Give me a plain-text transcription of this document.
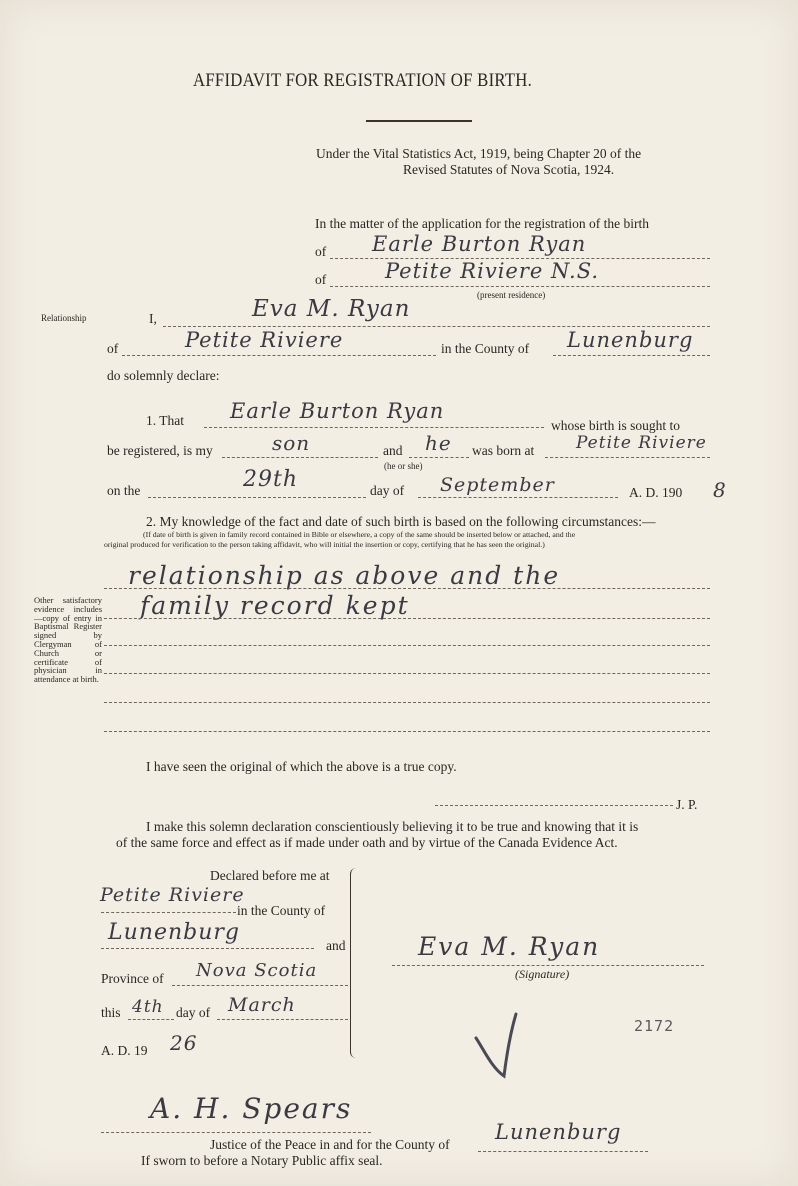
AFFIDAVIT FOR REGISTRATION OF BIRTH.
Under the Vital Statistics Act, 1919, being Chapter 20 of the
Revised Statutes of Nova Scotia, 1924.
In the matter of the application for the registration of the birth
of Earle Burton Ryan
of	Petite Riviere N.S.
(present residence)
Relationship	I,	Eva M. Ryan
of	Petite Riviere	in the County of Lunenburg
do solemnly declare:
1. That Earle Burton Ryan
whose birth is sought to
be registered, is my	son	and he
(he or she)
was born at Petite Riviere
on the	29th	day of September	A. D. 190 8
2. My knowledge of the fact and date of such birth is based on the following circumstances:—
(If date of birth is given in family record contained in Bible or elsewhere, a copy of the same should be inserted below or attached, and the
original produced for verification to the person taking affidavit, who will initial the insertion or copy, certifying that he has seen the original.)
relationship as above and the
family record kept
Other satisfactory evidence includes —copy of entry in Baptismal Register signed by Clergyman of Church or certificate of physician in attendance at birth.
I have seen the original of which the above is a true copy.
J. P.
I make this solemn declaration conscientiously believing it to be true and knowing that it is
of the same force and effect as if made under oath and by virtue of the Canada Evidence Act.
Declared before me at
Petite Riviere
in the County of
Lunenburg
and
Province of Nova Scotia
this 4th day of March
A. D. 19 26
Eva M. Ryan
(Signature)
2172
A. H. Spears
Justice of the Peace in and for the County of
Lunenburg
If sworn to before a Notary Public affix seal.
